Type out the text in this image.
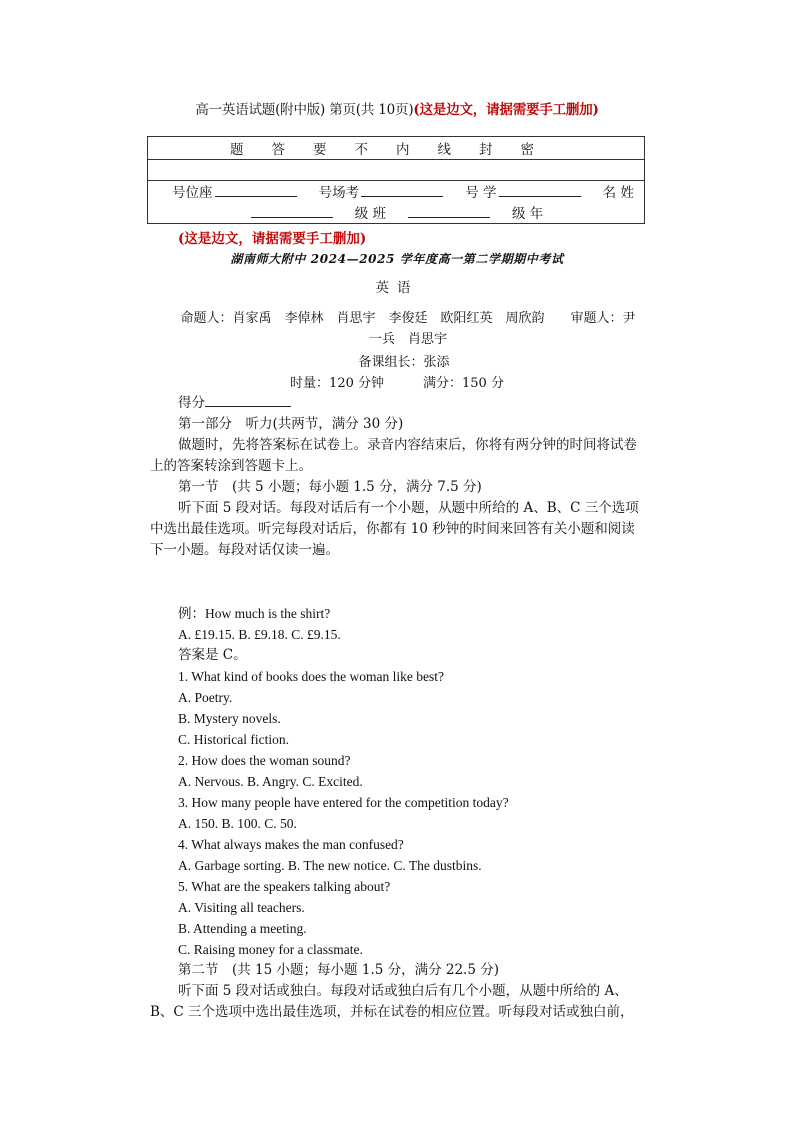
高一英语试题(附中版) 第页(共 10页)(这是边文，请据需要手工删加)
题答要不内线封密

号位座	号场考	号 学	名 姓
级 班	级 年
(这是边文，请据需要手工删加)
湖南师大附中 2024—2025 学年度高一第二学期期中考试
英语
命题人：肖家禹　李倬林　肖思宇　李俊廷　欧阳红英　周欣韵　　审题人：尹一兵　肖思宇
备课组长：张添
时量：120 分钟　　　满分：150 分

得分

第一部分　听力(共两节，满分 30 分)

做题时，先将答案标在试卷上。录音内容结束后，你将有两分钟的时间将试卷上的答案转涂到答题卡上。

第一节　(共 5 小题；每小题 1.5 分，满分 7.5 分)

听下面 5 段对话。每段对话后有一个小题，从题中所给的 A、B、C 三个选项中选出最佳选项。听完每段对话后，你都有 10 秒钟的时间来回答有关小题和阅读下一小题。每段对话仅读一遍。

例：How much is the shirt?

A. £19.15. B. £9.18. C. £9.15.

答案是 C。

1. What kind of books does the woman like best?

A. Poetry.

B. Mystery novels.

C. Historical fiction.

2. How does the woman sound?

A. Nervous. B. Angry. C. Excited.

3. How many people have entered for the competition today?

A. 150. B. 100. C. 50.

4. What always makes the man confused?

A. Garbage sorting. B. The new notice. C. The dustbins.

5. What are the speakers talking about?

A. Visiting all teachers.

B. Attending a meeting.

C. Raising money for a classmate.

第二节　(共 15 小题；每小题 1.5 分，满分 22.5 分)

听下面 5 段对话或独白。每段对话或独白后有几个小题，从题中所给的 A、B、C 三个选项中选出最佳选项，并标在试卷的相应位置。听每段对话或独白前，
